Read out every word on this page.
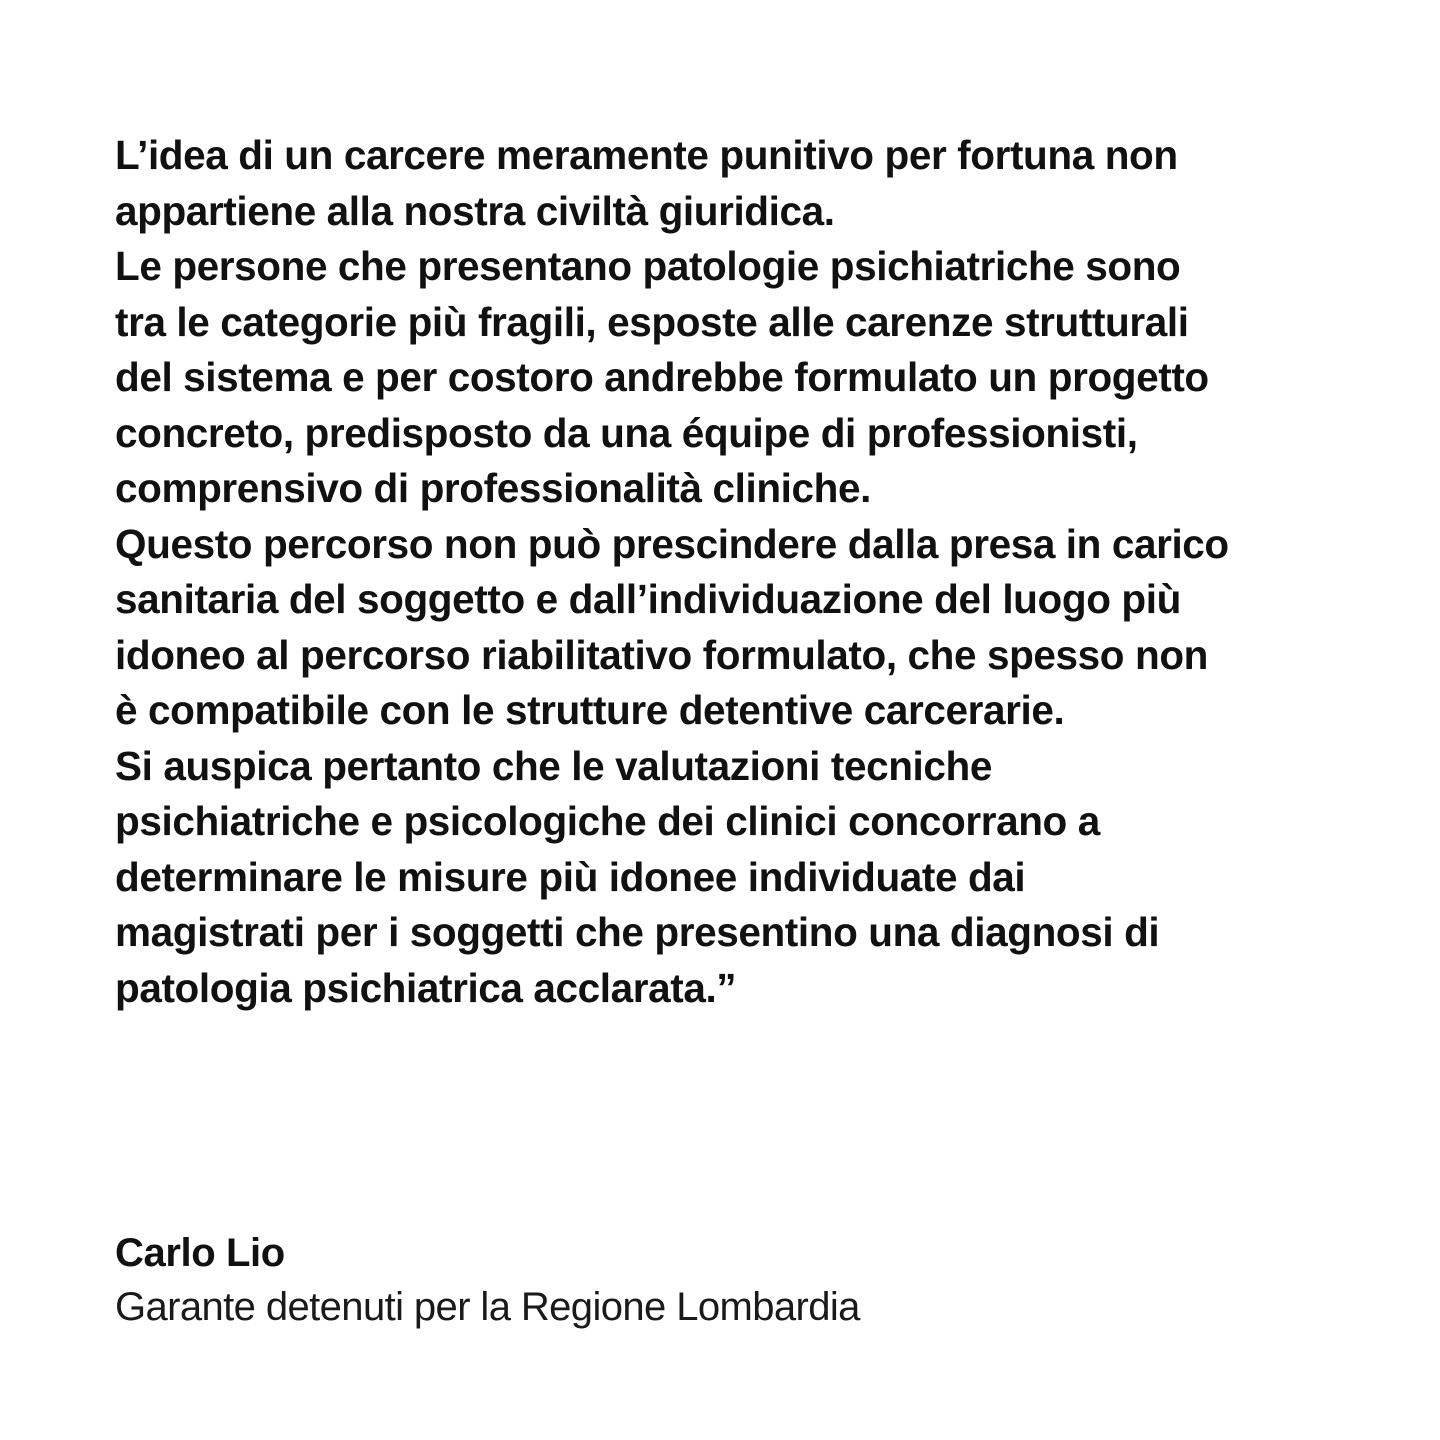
L’idea di un carcere meramente punitivo per fortuna non
appartiene alla nostra civiltà giuridica.
Le persone che presentano patologie psichiatriche sono
tra le categorie più fragili, esposte alle carenze strutturali
del sistema e per costoro andrebbe formulato un progetto
concreto, predisposto da una équipe di professionisti,
comprensivo di professionalità cliniche.
Questo percorso non può prescindere dalla presa in carico
sanitaria del soggetto e dall’individuazione del luogo più
idoneo al percorso riabilitativo formulato, che spesso non
è compatibile con le strutture detentive carcerarie.
Si auspica pertanto che le valutazioni tecniche
psichiatriche e psicologiche dei clinici concorrano a
determinare le misure più idonee individuate dai
magistrati per i soggetti che presentino una diagnosi di
patologia psichiatrica acclarata.”
Carlo Lio
Garante detenuti per la Regione Lombardia
